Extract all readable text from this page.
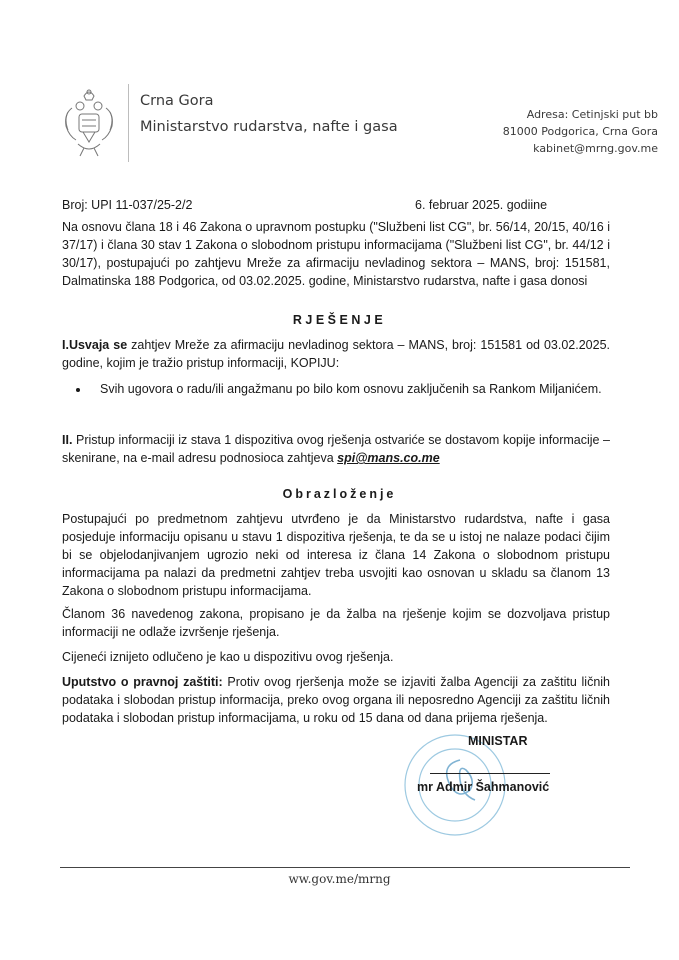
Crna Gora
Ministarstvo rudarstva, nafte i gasa
Adresa: Cetinjski put bb
81000 Podgorica, Crna Gora
kabinet@mrng.gov.me
Broj: UPI 11-037/25-2/2	6. februar 2025. godiine
Na osnovu člana 18 i 46 Zakona o upravnom postupku ("Službeni list CG", br. 56/14, 20/15, 40/16 i 37/17) i člana 30 stav 1 Zakona o slobodnom pristupu informacijama ("Službeni list CG", br. 44/12 i 30/17), postupajući po zahtjevu Mreže za afirmaciju nevladinog sektora – MANS, broj: 151581, Dalmatinska 188 Podgorica, od 03.02.2025. godine, Ministarstvo rudarstva, nafte i gasa donosi
RJEŠENJE
I.Usvaja se zahtjev Mreže za afirmaciju nevladinog sektora – MANS, broj: 151581 od 03.02.2025. godine, kojim je tražio pristup informaciji, KOPIJU:
• Svih ugovora o radu/ili angažmanu po bilo kom osnovu zaključenih sa Rankom Miljanićem.
II. Pristup informaciji iz stava 1 dispozitiva ovog rješenja ostvariće se dostavom kopije informacije – skenirane, na e-mail adresu podnosioca zahtjeva spi@mans.co.me
Obrazloženje
Postupajući po predmetnom zahtjevu utvrđeno je da Ministarstvo rudardstva, nafte i gasa posjeduje informaciju opisanu u stavu 1 dispozitiva rješenja, te da se u istoj ne nalaze podaci čijim bi se objelodanjivanjem ugrozio neki od interesa iz člana 14 Zakona o slobodnom pristupu informacijama pa nalazi da predmetni zahtjev treba usvojiti kao osnovan u skladu sa članom 13 Zakona o slobodnom pristupu informacijama.
Članom 36 navedenog zakona, propisano je da žalba na rješenje kojim se dozvoljava pristup informaciji ne odlaže izvršenje rješenja.
Cijeneći iznijeto odlučeno je kao u dispozitivu ovog rješenja.
Uputstvo o pravnoj zaštiti: Protiv ovog rjeršenja može se izjaviti žalba Agenciji za zaštitu ličnih podataka i slobodan pristup informacija, preko ovog organa ili neposredno Agenciji za zaštitu ličnih podataka i slobodan pristup informacijama, u roku od 15 dana od dana prijema rješenja.
MINISTAR
mr Admir Šahmanović
ww.gov.me/mrng
